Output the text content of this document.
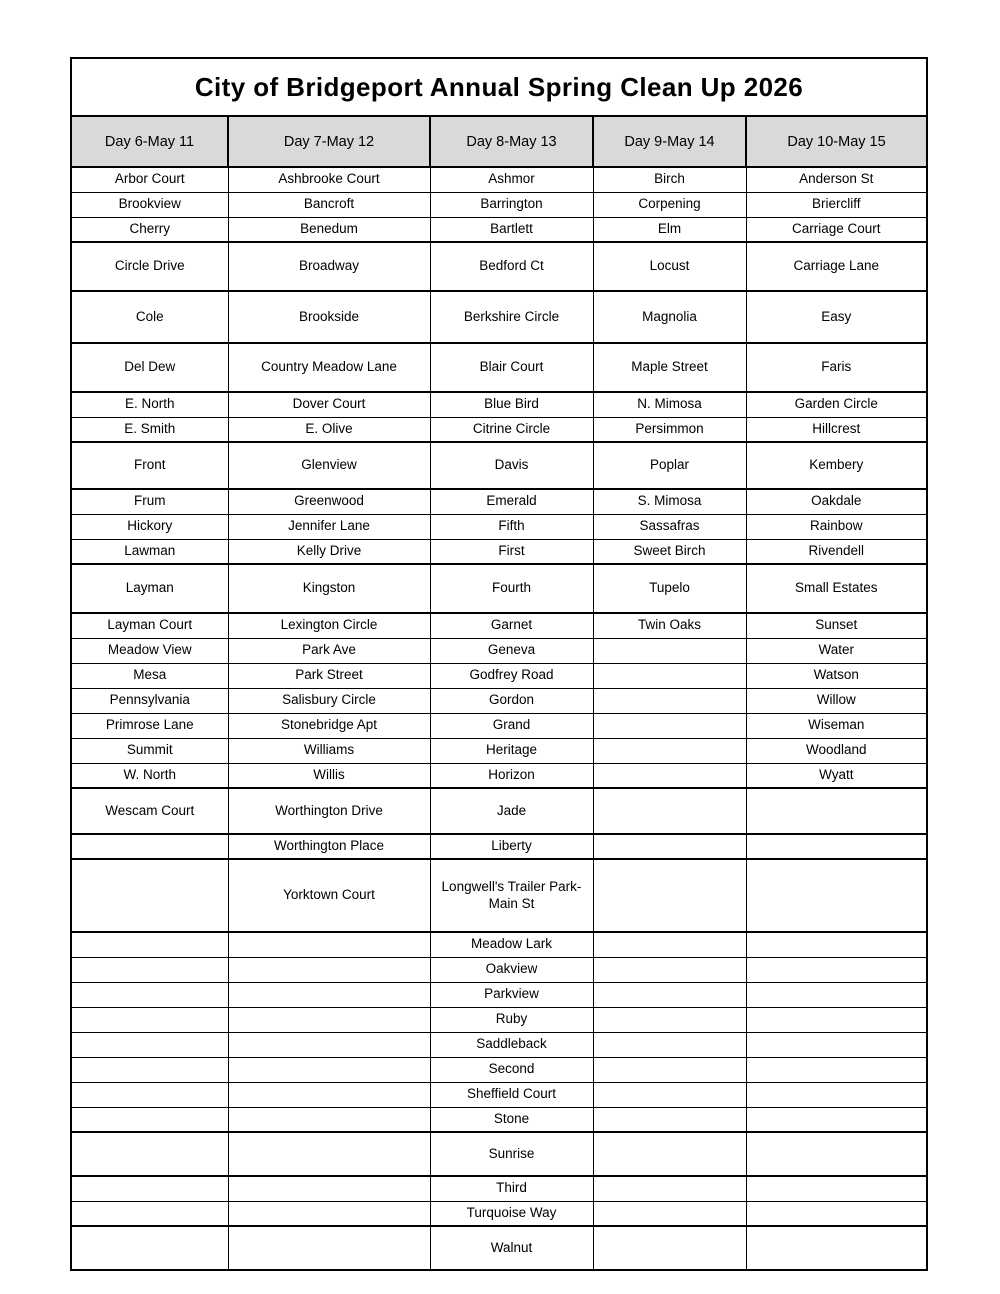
City of Bridgeport Annual Spring Clean Up 2026				
Day 6-May 11	Day 7-May 12	Day 8-May 13	Day 9-May 14	Day 10-May 15
Arbor Court	Ashbrooke Court	Ashmor	Birch	Anderson St
Brookview	Bancroft	Barrington	Corpening	Briercliff
Cherry	Benedum	Bartlett	Elm	Carriage Court
Circle Drive	Broadway	Bedford Ct	Locust	Carriage Lane
Cole	Brookside	Berkshire Circle	Magnolia	Easy
Del Dew	Country Meadow Lane	Blair Court	Maple Street	Faris
E. North	Dover Court	Blue Bird	N. Mimosa	Garden Circle
E. Smith	E. Olive	Citrine Circle	Persimmon	Hillcrest
Front	Glenview	Davis	Poplar	Kembery
Frum	Greenwood	Emerald	S. Mimosa	Oakdale
Hickory	Jennifer Lane	Fifth	Sassafras	Rainbow
Lawman	Kelly Drive	First	Sweet Birch	Rivendell
Layman	Kingston	Fourth	Tupelo	Small Estates
Layman Court	Lexington Circle	Garnet	Twin Oaks	Sunset
Meadow View	Park Ave	Geneva		Water
Mesa	Park Street	Godfrey Road		Watson
Pennsylvania	Salisbury Circle	Gordon		Willow
Primrose Lane	Stonebridge Apt	Grand		Wiseman
Summit	Williams	Heritage		Woodland
W. North	Willis	Horizon		Wyatt
Wescam Court	Worthington Drive	Jade		
	Worthington Place	Liberty		
	Yorktown Court	Longwell's Trailer Park-Main St		
		Meadow Lark		
		Oakview		
		Parkview		
		Ruby		
		Saddleback		
		Second		
		Sheffield Court		
		Stone		
		Sunrise		
		Third		
		Turquoise Way		
		Walnut		
